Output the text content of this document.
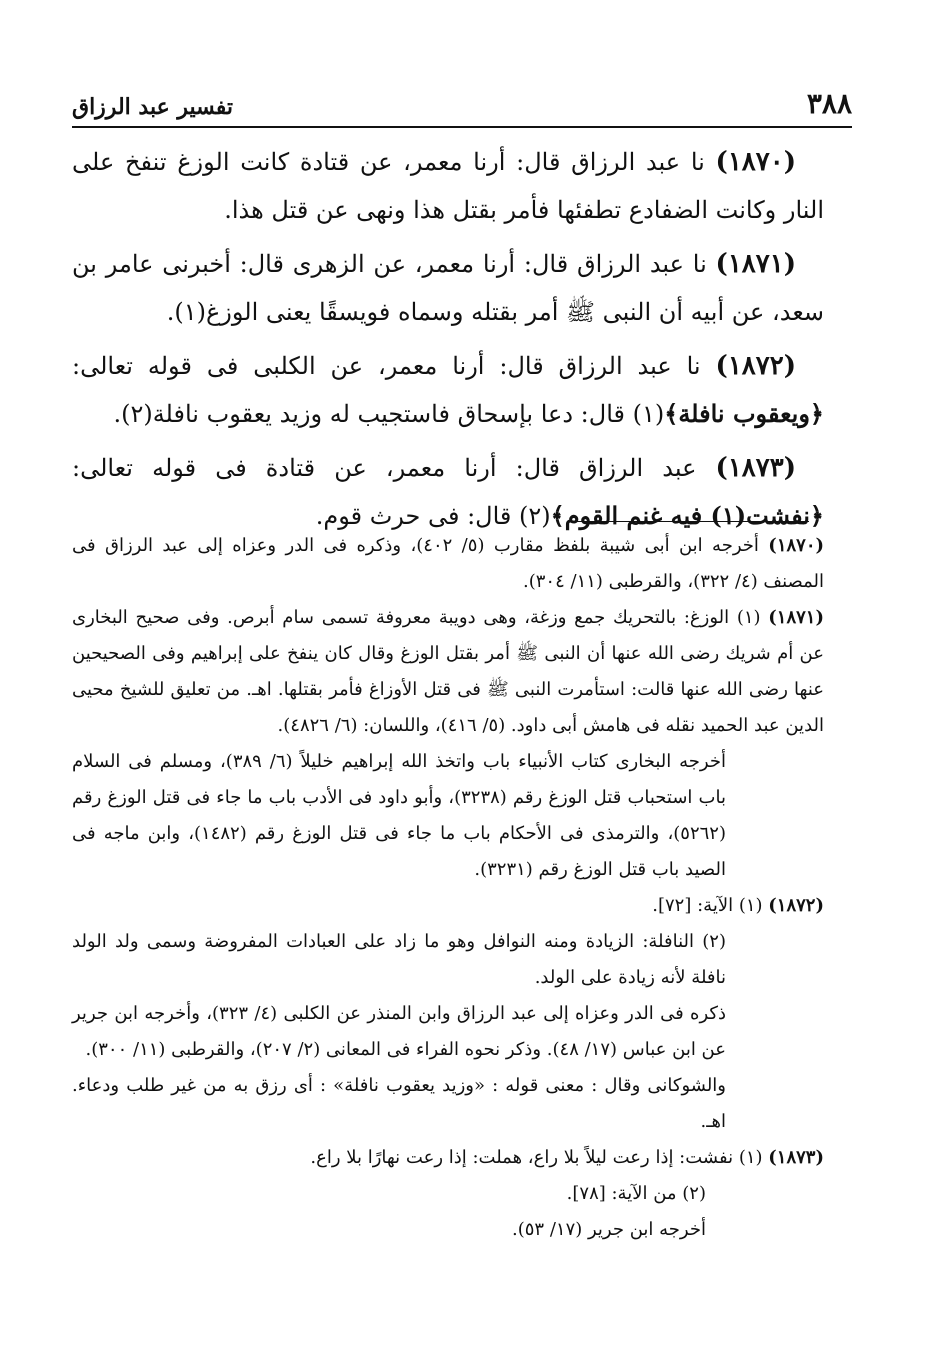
٣٨٨
تفسير عبد الرزاق

(١٨٧٠) نا عبد الرزاق قال: أرنا معمر، عن قتادة كانت الوزغ تنفخ على النار وكانت الضفادع تطفئها فأمر بقتل هذا ونهى عن قتل هذا.

(١٨٧١) نا عبد الرزاق قال: أرنا معمر، عن الزهرى قال: أخبرنى عامر بن سعد، عن أبيه أن النبى ﷺ أمر بقتله وسماه فويسقًا يعنى الوزغ(١).

(١٨٧٢) نا عبد الرزاق قال: أرنا معمر، عن الكلبى فى قوله تعالى: ﴿ويعقوب نافلة﴾(١) قال: دعا بإسحاق فاستجيب له وزيد يعقوب نافلة(٢).

(١٨٧٣) عبد الرزاق قال: أرنا معمر، عن قتادة فى قوله تعالى: ﴿نفشت(١) فيه غنم القوم﴾(٢) قال: فى حرث قوم.

(١٨٧٠) أخرجه ابن أبى شيبة بلفظ مقارب (٥/ ٤٠٢)، وذكره فى الدر وعزاه إلى عبد الرزاق فى المصنف (٤/ ٣٢٢)، والقرطبى (١١/ ٣٠٤).

(١٨٧١) (١) الوزغ: بالتحريك جمع وزغة، وهى دويبة معروفة تسمى سام أبرص. وفى صحيح البخارى عن أم شريك رضى الله عنها أن النبى ﷺ أمر بقتل الوزغ وقال كان ينفخ على إبراهيم وفى الصحيحين عنها رضى الله عنها قالت: استأمرت النبى ﷺ فى قتل الأوزاغ فأمر بقتلها. اهـ. من تعليق للشيخ محيى الدين عبد الحميد نقله فى هامش أبى داود. (٥/ ٤١٦)، واللسان: (٦/ ٤٨٢٦).

أخرجه البخارى كتاب الأنبياء باب واتخذ الله إبراهيم خليلاً (٦/ ٣٨٩)، ومسلم فى السلام باب استحباب قتل الوزغ رقم (٣٢٣٨)، وأبو داود فى الأدب باب ما جاء فى قتل الوزغ رقم (٥٢٦٢)، والترمذى فى الأحكام باب ما جاء فى قتل الوزغ رقم (١٤٨٢)، وابن ماجه فى الصيد باب قتل الوزغ رقم (٣٢٣١).

(١٨٧٢) (١) الآية: [٧٢].

(٢) النافلة: الزيادة ومنه النوافل وهو ما زاد على العبادات المفروضة وسمى ولد الولد نافلة لأنه زيادة على الولد.

ذكره فى الدر وعزاه إلى عبد الرزاق وابن المنذر عن الكلبى (٤/ ٣٢٣)، وأخرجه ابن جرير عن ابن عباس (١٧/ ٤٨). وذكر نحوه الفراء فى المعانى (٢/ ٢٠٧)، والقرطبى (١١/ ٣٠٠).

والشوكانى وقال : معنى قوله : «وزيد يعقوب نافلة» : أى رزق به من غير طلب ودعاء. اهـ.

(١٨٧٣) (١) نفشت: إذا رعت ليلاً بلا راع، هملت: إذا رعت نهارًا بلا راع.

(٢) من الآية: [٧٨].

أخرجه ابن جرير (١٧/ ٥٣).
